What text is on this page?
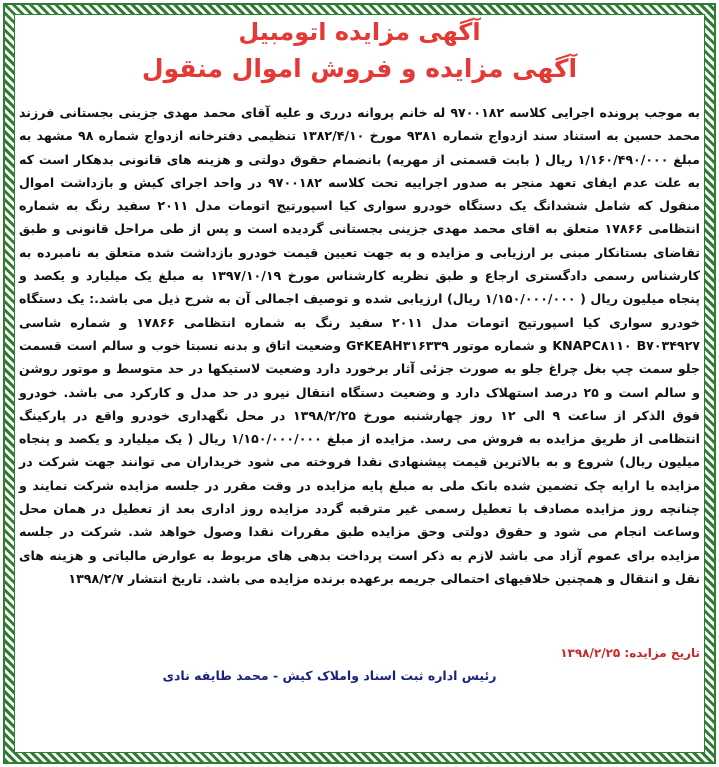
آگهی مزایده اتومبیل
آگهی مزایده و فروش اموال منقول
به موجب پرونده اجرایی کلاسه ۹۷۰۰۱۸۲ له خانم پروانه درری و علیه آقای محمد مهدی جزینی بجستانی فرزند محمد حسین به استناد سند ازدواج شماره ۹۳۸۱ مورخ ۱۳۸۲/۴/۱۰ تنظیمی دفترخانه ازدواج شماره ۹۸ مشهد به مبلغ ۱/۱۶۰/۴۹۰/۰۰۰ ریال ( بابت قسمتی از مهریه) بانضمام حقوق دولتی و هزینه های قانونی بدهکار است که به علت عدم ایفای تعهد منجر به صدور اجراییه تحت کلاسه ۹۷۰۰۱۸۲ در واحد اجرای کیش و بازداشت اموال منقول که شامل ششدانگ یک دستگاه خودرو سواری کیا اسپورتیج اتومات مدل ۲۰۱۱ سفید رنگ به شماره انتظامی ۱۷۸۶۶ متعلق به اقای محمد مهدی جزینی بجستانی گردیده است و پس از طی مراحل قانونی و طبق تقاضای بستانکار مبنی بر ارزیابی و مزایده و به جهت تعیین قیمت خودرو بازداشت شده متعلق به نامبرده به کارشناس رسمی دادگستری ارجاع و طبق نظریه کارشناس مورخ ۱۳۹۷/۱۰/۱۹ به مبلغ یک میلیارد و یکصد و پنجاه میلیون ریال ( ۱/۱۵۰/۰۰۰/۰۰۰ ریال) ارزیابی شده و توصیف اجمالی آن به شرح ذیل می باشد.: یک دستگاه خودرو سواری کیا اسپورتیج اتومات مدل ۲۰۱۱ سفید رنگ به شماره انتظامی ۱۷۸۶۶ و شماره شاسی KNAPC۸۱۱۰ B۷۰۳۴۹۲۷ و شماره موتور G۴KEAH۳۱۶۳۳۹ وضعیت اتاق و بدنه نسبتا خوب و سالم است قسمت جلو سمت چپ بغل چراغ جلو به صورت جزئی آثار برخورد دارد وضعیت لاستیکها در حد متوسط و موتور روشن و سالم است و ۲۵ درصد استهلاک دارد و وضعیت دستگاه انتقال نیرو در حد مدل و کارکرد می باشد. خودرو فوق الذکر از ساعت ۹ الی ۱۲ روز چهارشنبه مورخ ۱۳۹۸/۲/۲۵ در محل نگهداری خودرو واقع در پارکینگ انتظامی از طریق مزایده به فروش می رسد. مزایده از مبلغ ۱/۱۵۰/۰۰۰/۰۰۰ ریال ( یک میلیارد و یکصد و پنجاه میلیون ریال) شروع و به بالاترین قیمت پیشنهادی نقدا فروخته می شود خریداران می توانند جهت شرکت در مزایده با ارایه چک تضمین شده بانک ملی به مبلغ پایه مزایده در وقت مقرر در جلسه مزایده شرکت نمایند و چنانچه روز مزایده مصادف با تعطیل رسمی غیر مترقبه گردد مزایده روز اداری بعد از تعطیل در همان محل وساعت انجام می شود و حقوق دولتی وحق مزایده طبق مقررات نقدا وصول خواهد شد. شرکت در جلسه مزایده برای عموم آزاد می باشد لازم به ذکر است پرداخت بدهی های مربوط به عوارض مالیاتی و هزینه های نقل و انتقال و همچنین خلافیهای احتمالی جریمه برعهده برنده مزایده می باشد. تاریخ انتشار ۱۳۹۸/۲/۷
تاریخ مزایده: ۱۳۹۸/۲/۲۵
رئیس اداره ثبت اسناد واملاک کیش - محمد طایفه نادی
